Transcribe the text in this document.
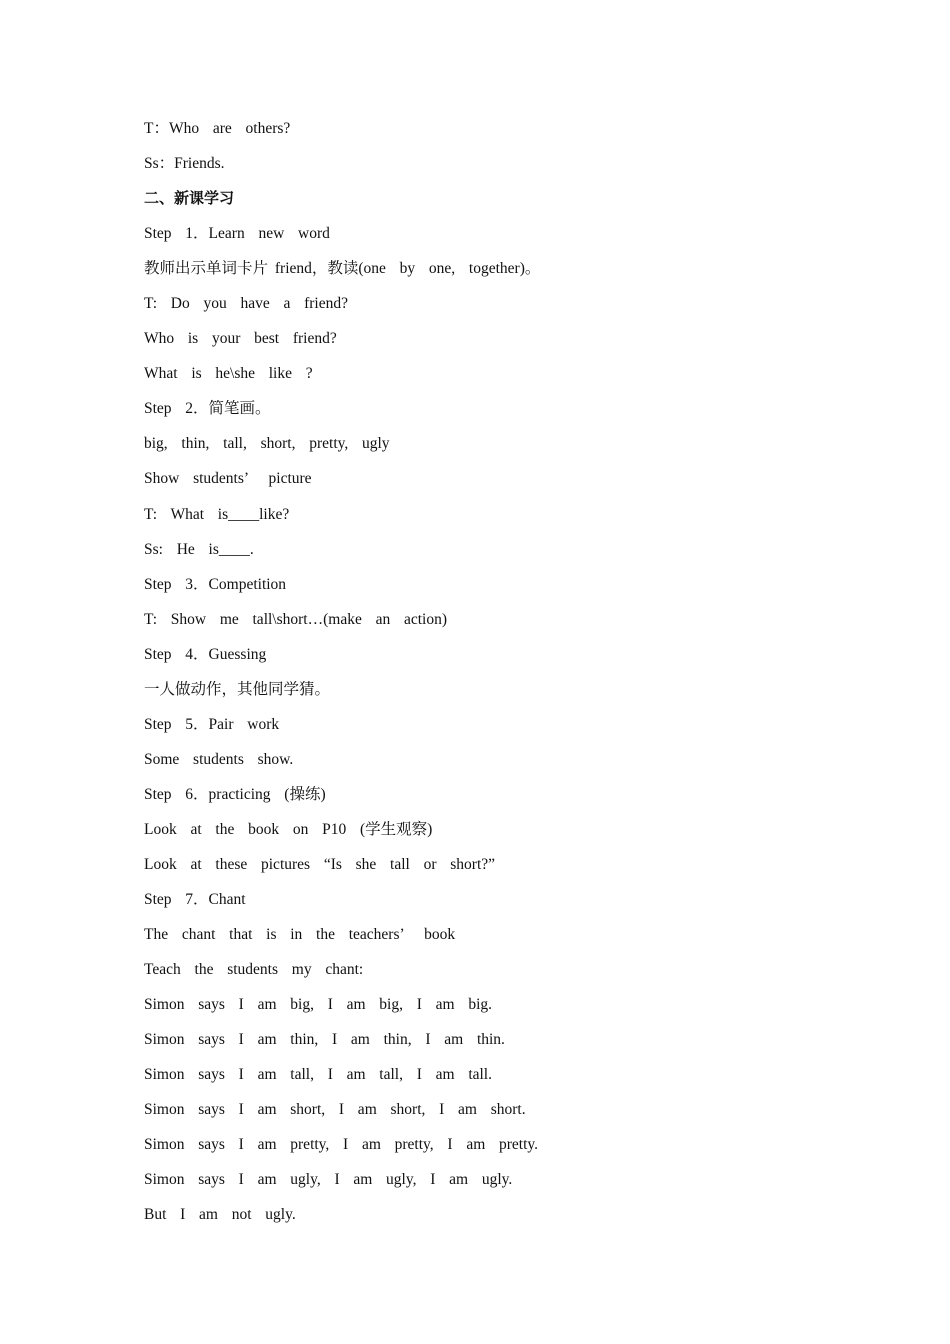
T：Who  are  others?
Ss：Friends.
二、新课学习
Step  1．Learn  new  word
教师出示单词卡片 friend，教读(one  by  one,  together)。
T:  Do  you  have  a  friend?
Who  is  your  best  friend?
What  is  he\she  like  ?
Step  2．简笔画。
big,  thin,  tall,  short,  pretty,  ugly
Show  students’   picture
T:  What  is____like?
Ss:  He  is____.
Step  3．Competition
T:  Show  me  tall\short…(make  an  action)
Step  4．Guessing
一人做动作，其他同学猜。
Step  5．Pair  work
Some  students  show.
Step  6．practicing  (操练)
Look  at  the  book  on  P10  (学生观察)
Look  at  these  pictures  “Is  she  tall  or  short?”
Step  7．Chant
The  chant  that  is  in  the  teachers’   book
Teach  the  students  my  chant:
Simon  says  I  am  big,  I  am  big,  I  am  big.
Simon  says  I  am  thin,  I  am  thin,  I  am  thin.
Simon  says  I  am  tall,  I  am  tall,  I  am  tall.
Simon  says  I  am  short,  I  am  short,  I  am  short.
Simon  says  I  am  pretty,  I  am  pretty,  I  am  pretty.
Simon  says  I  am  ugly,  I  am  ugly,  I  am  ugly.
But  I  am  not  ugly.
